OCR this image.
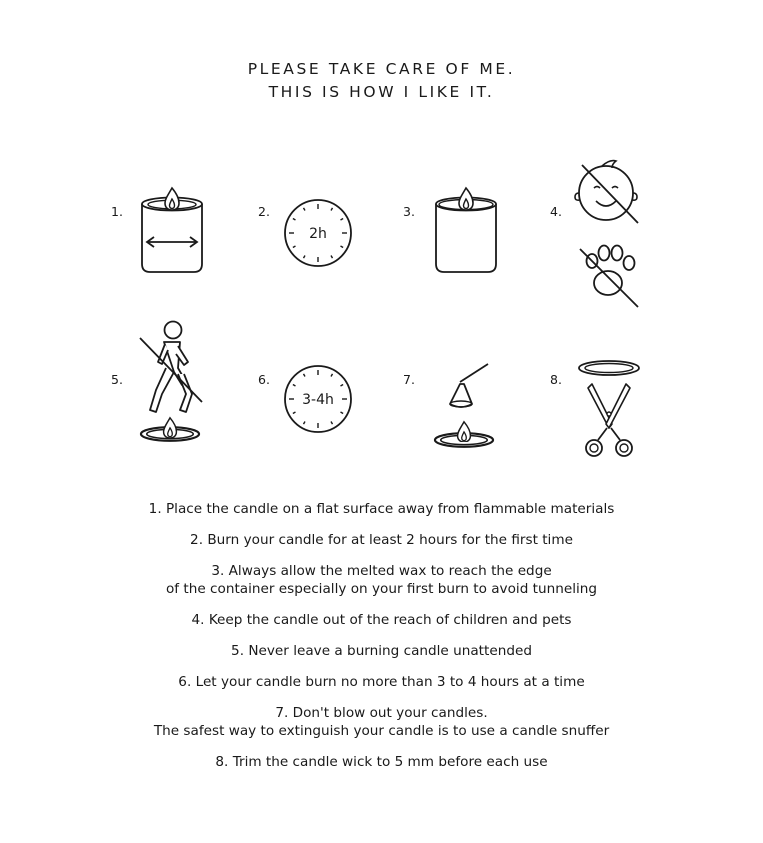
PLEASE TAKE CARE OF ME.
THIS IS HOW I LIKE IT.
1.	2.	3.	4.
5.	6.	7.	8.
2h
3-4h

1. Place the candle on a flat surface away from flammable materials

2. Burn your candle for at least 2 hours for the first time

3. Always allow the melted wax to reach the edge
of the container especially on your first burn to avoid tunneling

4. Keep the candle out of the reach of children and pets

5. Never leave a burning candle unattended

6. Let your candle burn no more than 3 to 4 hours at a time

7. Don't blow out your candles.
The safest way to extinguish your candle is to use a candle snuffer

8. Trim the candle wick to 5 mm before each use
